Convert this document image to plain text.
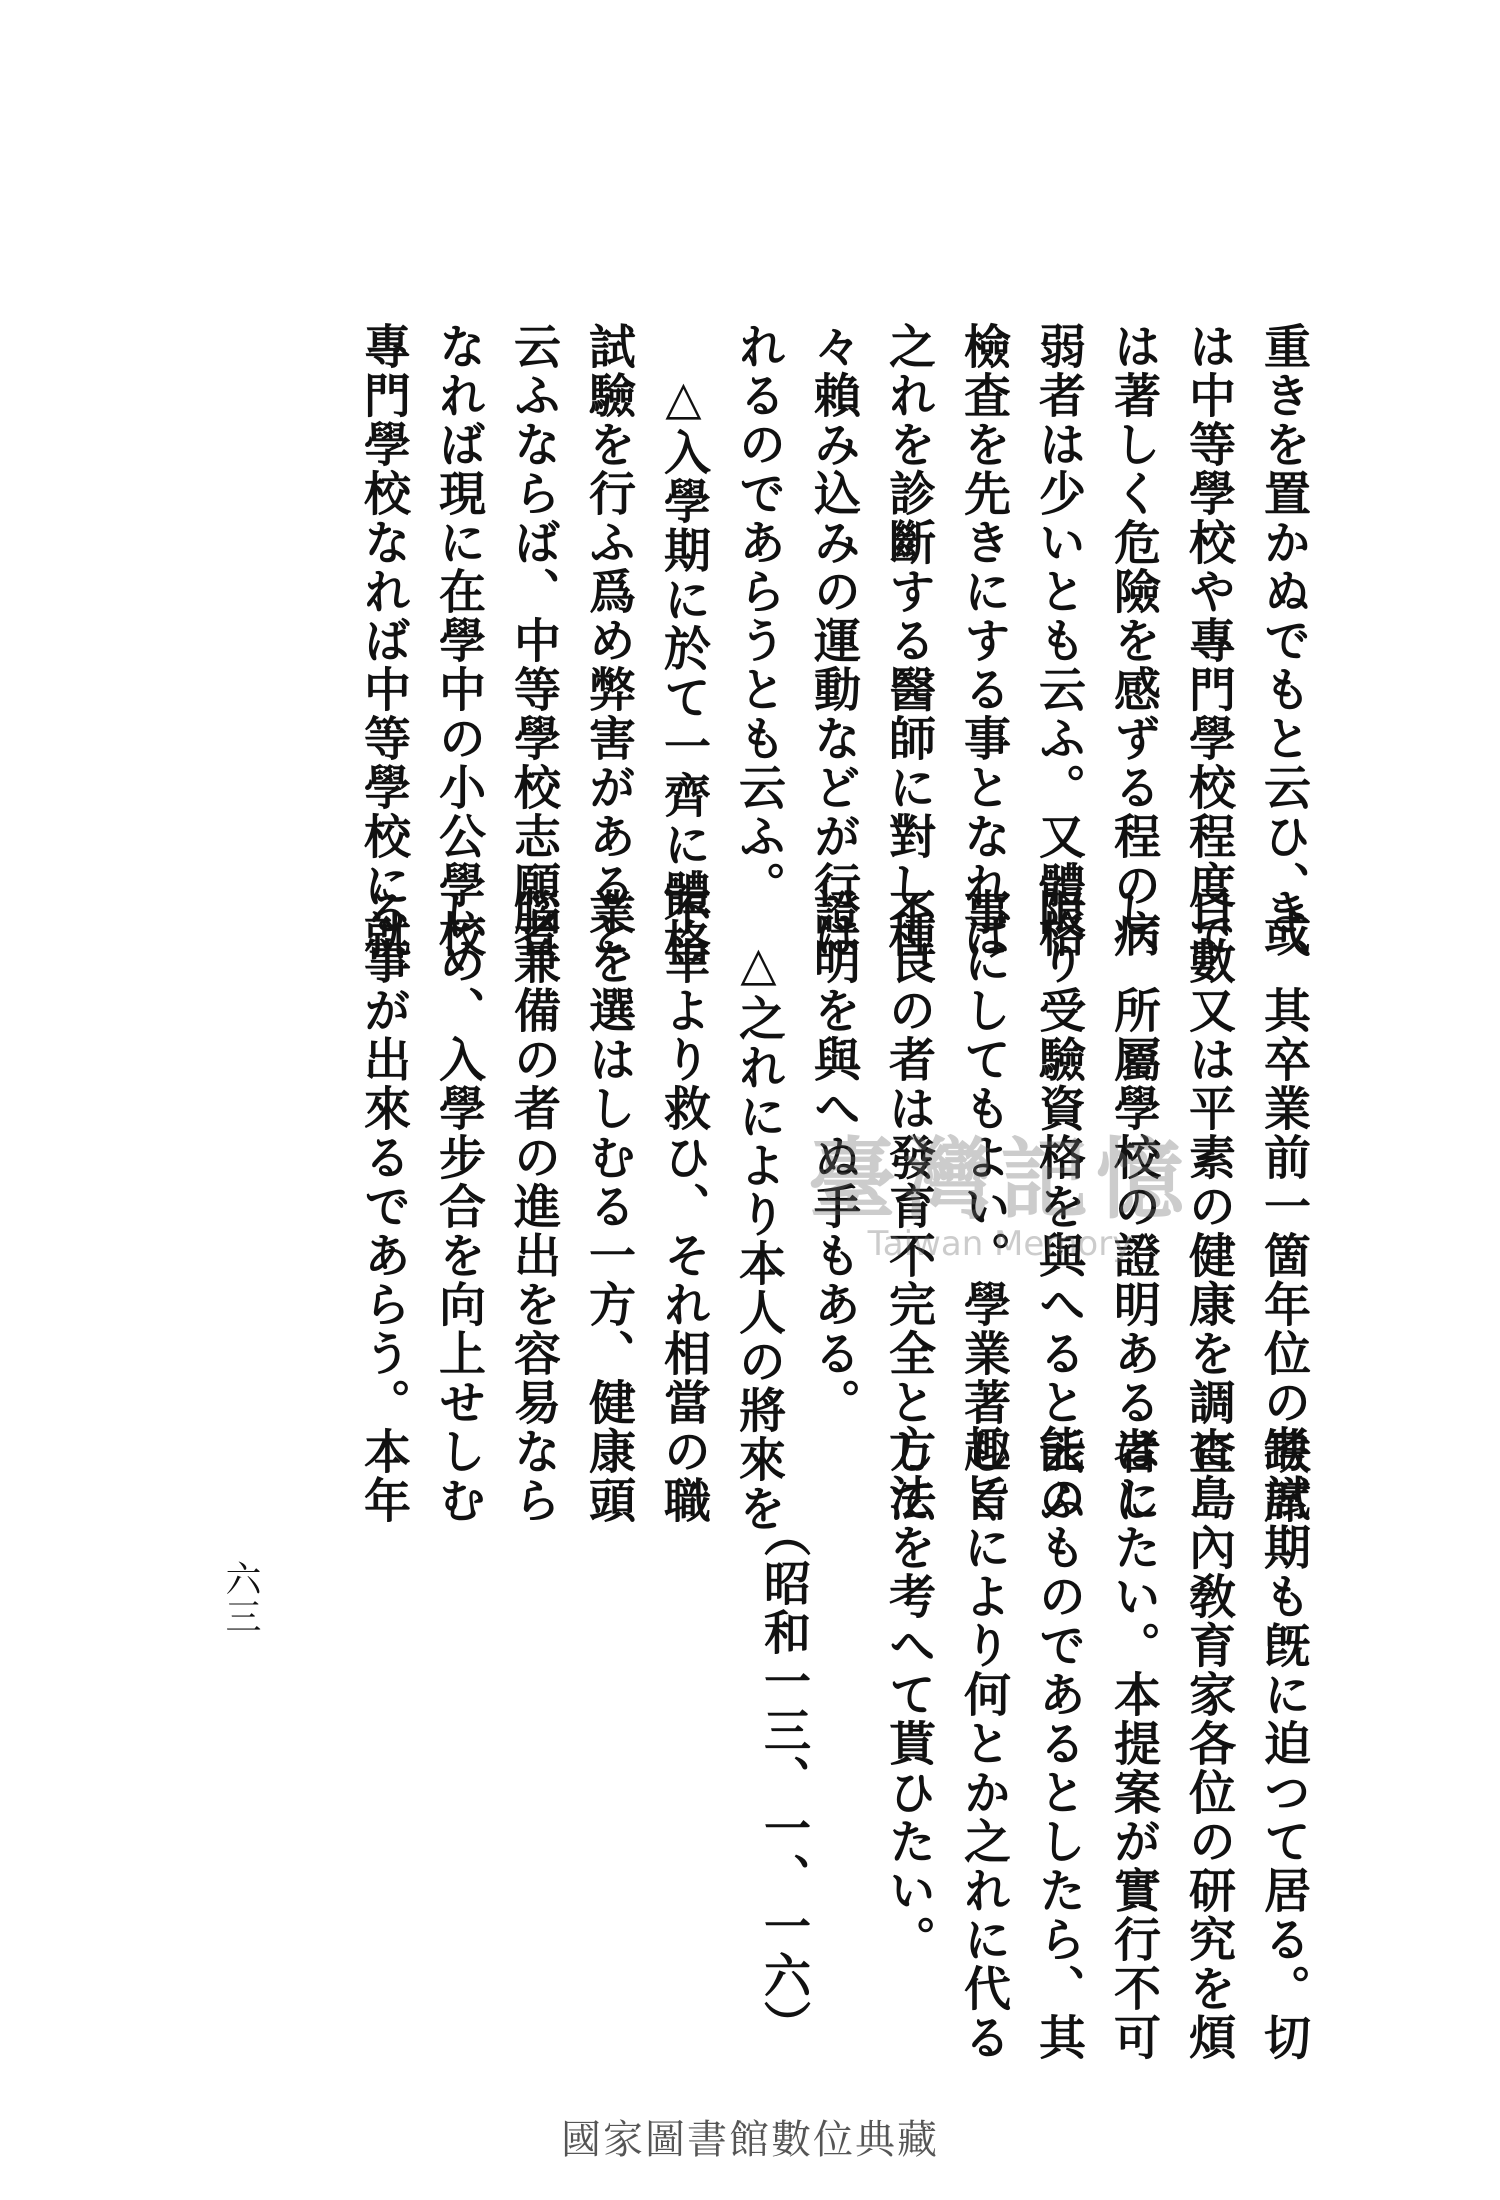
重きを置かぬでもと云ひ、或
は中等學校や專門學校程度で
は著しく危險を感ずる程の病
弱者は少いとも云ふ。又體格
檢査を先きにする事となれば
之れを診斷する醫師に對し種
々賴み込みの運動などが行は
れるのであらうとも云ふ。
　△入學期に於て一齊に體格
試驗を行ふ爲め弊害があると
云ふならば、中等學校志願者
なれば現に在學中の小公學校
專門學校なれば中等學校に就
き、其卒業前一箇年位の缺席
日數又は平素の健康を調査
し、所屬學校の證明ある者に
限り受驗資格を與へると云ふ
事にしてもよい。學業著しく
不良の者は發育不完全として
證明を與へぬ手もある。
　△之れにより本人の將來を
不幸より救ひ、それ相當の職
業を選はしむる一方、健康頭
腦兼備の者の進出を容易なら
しめ、入學步合を向上せしむ
る事が出來るであらう。本年
考試期も旣に迫つて居る。切
に島內敎育家各位の研究を煩
はしたい。本提案が實行不可
能のものであるとしたら、其
趣旨により何とか之れに代る
方法を考へて貰ひたい。
（昭和一三、一、一六）
臺灣記憶
Taiwan Memory
六三
國家圖書館數位典藏
